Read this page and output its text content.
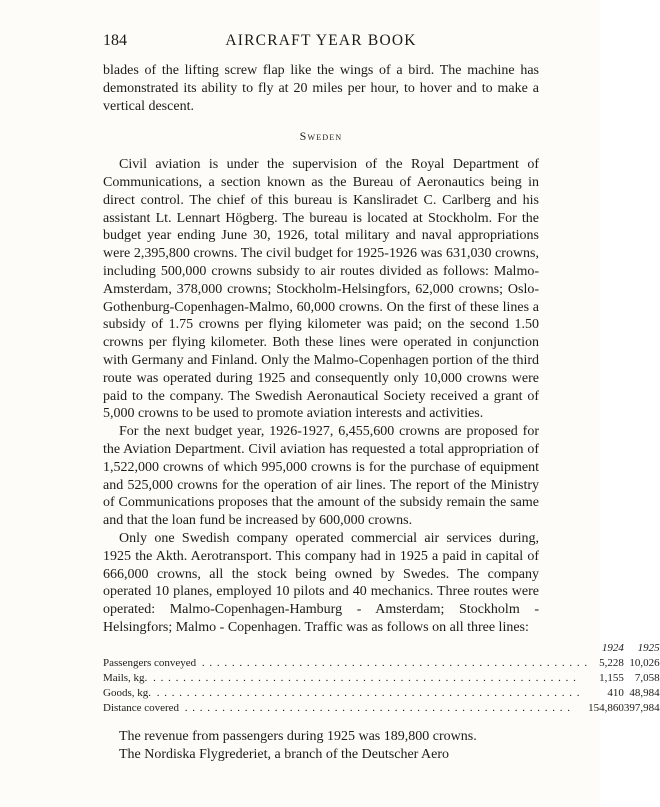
184	AIRCRAFT YEAR BOOK

blades of the lifting screw flap like the wings of a bird. The machine has demonstrated its ability to fly at 20 miles per hour, to hover and to make a vertical descent.

Sweden

Civil aviation is under the supervision of the Royal Department of Communications, a section known as the Bureau of Aeronautics being in direct control. The chief of this bureau is Kansliradet C. Carlberg and his assistant Lt. Lennart Högberg. The bureau is located at Stockholm. For the budget year ending June 30, 1926, total military and naval appropriations were 2,395,800 crowns. The civil budget for 1925-1926 was 631,030 crowns, including 500,000 crowns subsidy to air routes divided as follows: Malmo-Amsterdam, 378,000 crowns; Stockholm-Helsingfors, 62,000 crowns; Oslo-Gothenburg-Copenhagen-Malmo, 60,000 crowns. On the first of these lines a subsidy of 1.75 crowns per flying kilometer was paid; on the second 1.50 crowns per flying kilometer. Both these lines were operated in conjunction with Germany and Finland. Only the Malmo-Copenhagen portion of the third route was operated during 1925 and consequently only 10,000 crowns were paid to the company. The Swedish Aeronautical Society received a grant of 5,000 crowns to be used to promote aviation interests and activities.

For the next budget year, 1926-1927, 6,455,600 crowns are proposed for the Aviation Department. Civil aviation has requested a total appropriation of 1,522,000 crowns of which 995,000 crowns is for the purchase of equipment and 525,000 crowns for the operation of air lines. The report of the Ministry of Communications proposes that the amount of the subsidy remain the same and that the loan fund be increased by 600,000 crowns.

Only one Swedish company operated commercial air services during, 1925 the Akth. Aerotransport. This company had in 1925 a paid in capital of 666,000 crowns, all the stock being owned by Swedes. The company operated 10 planes, employed 10 pilots and 40 mechanics. Three routes were operated: Malmo-Copenhagen-Hamburg - Amsterdam; Stockholm - Helsingfors; Malmo - Copenhagen. Traffic was as follows on all three lines:

	1924	1925
Passengers conveyed . . . . . . . . . . . . . . . . . . . . . . . . . . . . . . . . . . . . . . . . . . . . . . . . . . . .	5,228	10,026
Mails, kg. . . . . . . . . . . . . . . . . . . . . . . . . . . . . . . . . . . . . . . . . . . . . . . . . . . . . . . . . .	1,155	7,058
Goods, kg. . . . . . . . . . . . . . . . . . . . . . . . . . . . . . . . . . . . . . . . . . . . . . . . . . . . . . . . . .	410	48,984
Distance covered . . . . . . . . . . . . . . . . . . . . . . . . . . . . . . . . . . . . . . . . . . . . . . . . . . . .	154,860	397,984

The revenue from passengers during 1925 was 189,800 crowns.

The Nordiska Flygrederiet, a branch of the Deutscher Aero
